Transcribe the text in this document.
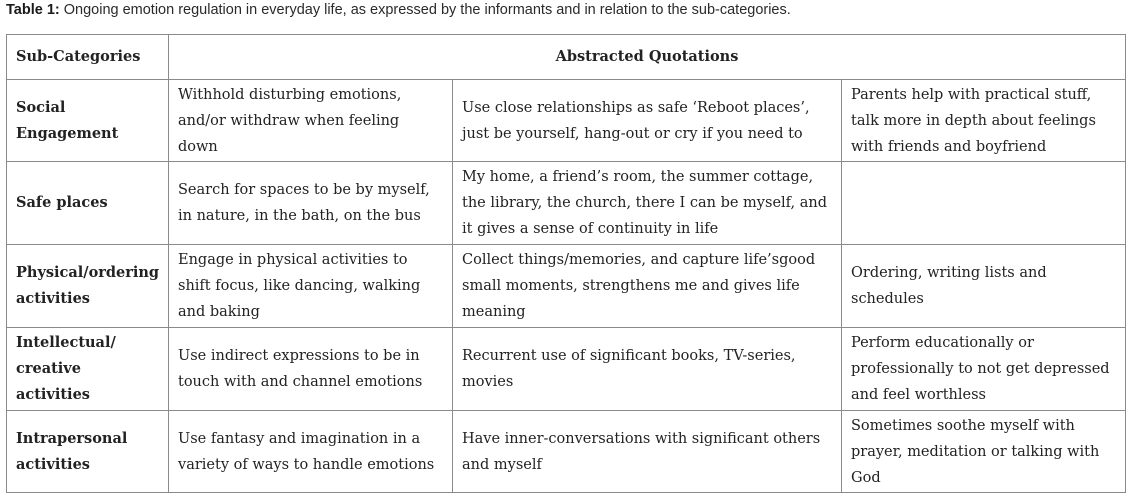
Table 1: Ongoing emotion regulation in everyday life, as expressed by the informants and in relation to the sub-categories.
Sub-Categories	Abstracted Quotations		
Social Engagement	Withhold disturbing emotions, and/or withdraw when feeling down	Use close relationships as safe ‘Reboot places’, just be yourself, hang-out or cry if you need to	Parents help with practical stuff, talk more in depth about feelings with friends and boyfriend
Safe places	Search for spaces to be by myself, in nature, in the bath, on the bus	My home, a friend’s room, the summer cottage, the library, the church, there I can be myself, and it gives a sense of continuity in life	
Physical/ordering activities	Engage in physical activities to shift focus, like dancing, walking and baking	Collect things/memories, and capture life’sgood small moments, strengthens me and gives life meaning	Ordering, writing lists and schedules
Intellectual/ creative activities	Use indirect expressions to be in touch with and channel emotions	Recurrent use of significant books, TV-series, movies	Perform educationally or professionally to not get depressed and feel worthless
Intrapersonal activities	Use fantasy and imagination in a variety of ways to handle emotions	Have inner-conversations with significant others and myself	Sometimes soothe myself with prayer, meditation or talking with God
